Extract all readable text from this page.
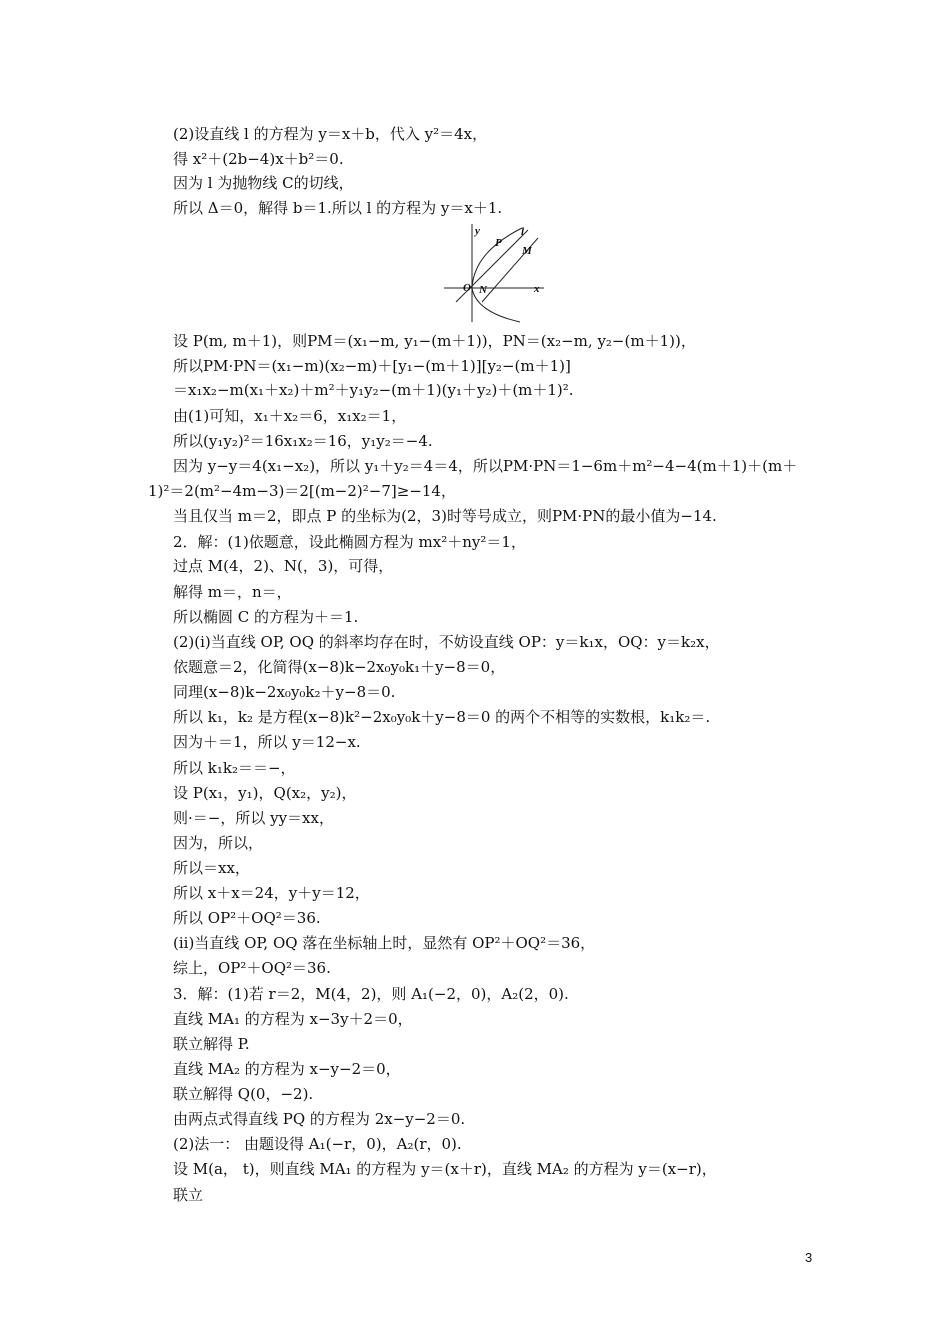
(2)设直线 l 的方程为 y＝x＋b，代入 y²＝4x，
得 x²＋(2b−4)x＋b²＝0.
因为 l 为抛物线 C的切线，
所以 Δ＝0，解得 b＝1.所以 l 的方程为 y＝x＋1.
y
P
l
M
O N	x
设 P(m, m＋1)，则PM＝(x₁−m, y₁−(m＋1))，PN＝(x₂−m, y₂−(m＋1))，
所以PM·PN＝(x₁−m)(x₂−m)＋[y₁−(m＋1)][y₂−(m＋1)]
＝x₁x₂−m(x₁＋x₂)＋m²＋y₁y₂−(m＋1)(y₁＋y₂)＋(m＋1)².
由(1)可知，x₁＋x₂＝6，x₁x₂＝1，
所以(y₁y₂)²＝16x₁x₂＝16，y₁y₂＝−4.
因为 y−y＝4(x₁−x₂)，所以 y₁＋y₂＝4＝4，所以PM·PN＝1−6m＋m²−4−4(m＋1)＋(m＋
1)²＝2(m²−4m−3)＝2[(m−2)²−7]≥−14，
当且仅当 m＝2，即点 P 的坐标为(2，3)时等号成立，则PM·PN的最小值为−14.
2．解：(1)依题意，设此椭圆方程为 mx²＋ny²＝1，
过点 M(4，2)、N(，3)，可得，
解得 m＝，n＝，
所以椭圆 C 的方程为＋＝1.
(2)(i)当直线 OP, OQ 的斜率均存在时，不妨设直线 OP：y＝k₁x，OQ：y＝k₂x，
依题意＝2，化简得(x−8)k−2x₀y₀k₁＋y−8＝0，
同理(x−8)k−2x₀y₀k₂＋y−8＝0.
所以 k₁，k₂ 是方程(x−8)k²−2x₀y₀k＋y−8＝0 的两个不相等的实数根，k₁k₂＝.
因为＋＝1，所以 y＝12−x.
所以 k₁k₂＝＝−，
设 P(x₁，y₁)，Q(x₂，y₂)，
则·＝−，所以 yy＝xx，
因为，所以，
所以＝xx，
所以 x＋x＝24，y＋y＝12，
所以 OP²＋OQ²＝36.
(ii)当直线 OP, OQ 落在坐标轴上时，显然有 OP²＋OQ²＝36，
综上，OP²＋OQ²＝36.
3．解：(1)若 r＝2，M(4，2)，则 A₁(−2，0)，A₂(2，0).
直线 MA₁ 的方程为 x−3y＋2＝0，
联立解得 P.
直线 MA₂ 的方程为 x−y−2＝0，
联立解得 Q(0，−2).
由两点式得直线 PQ 的方程为 2x−y−2＝0.
(2)法一： 由题设得 A₁(−r，0)，A₂(r，0).
设 M(a， t)，则直线 MA₁ 的方程为 y＝(x＋r)，直线 MA₂ 的方程为 y＝(x−r)，
联立
3
